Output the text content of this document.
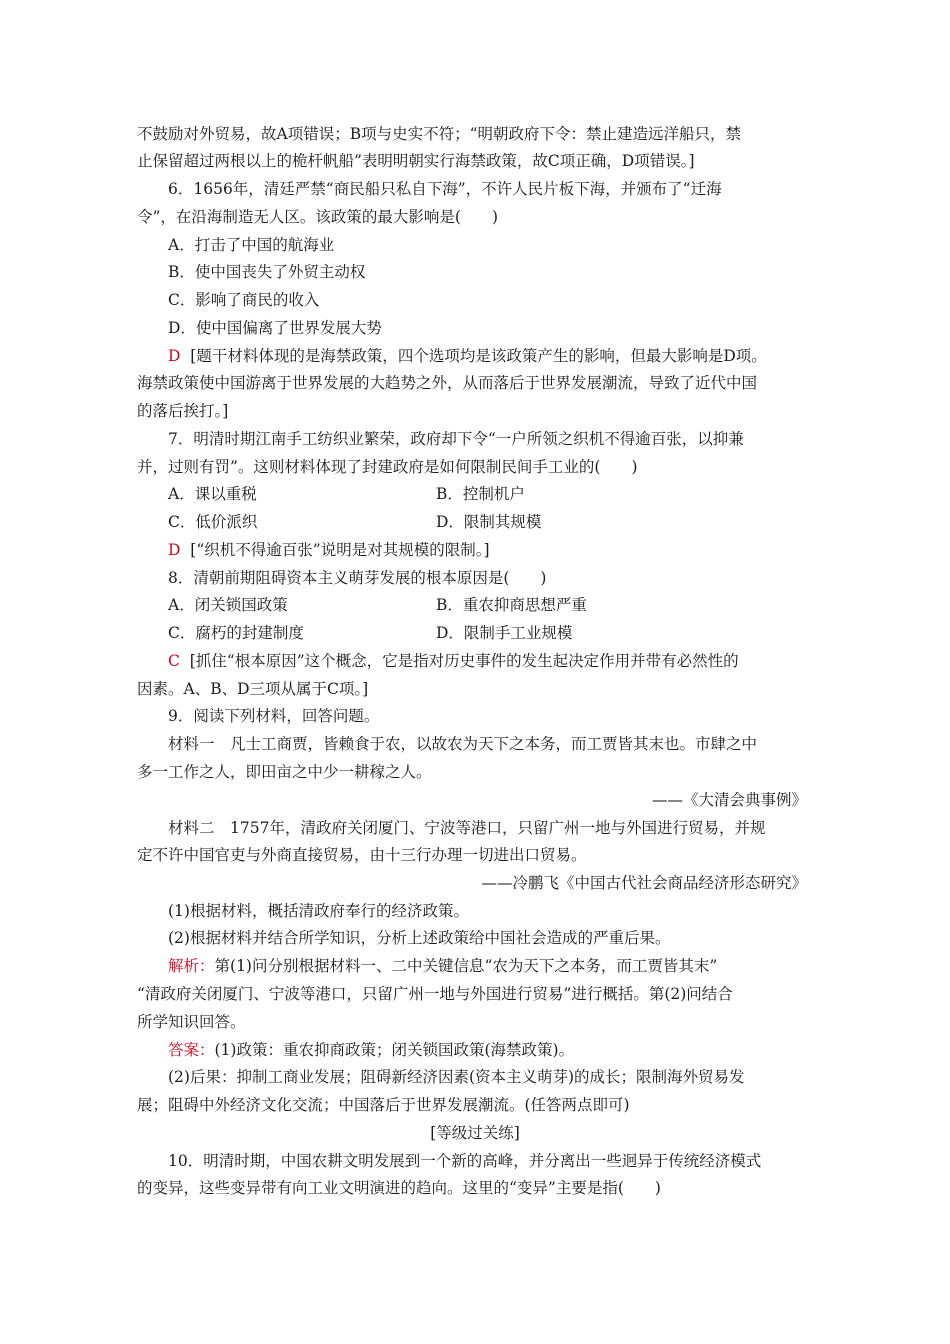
不鼓励对外贸易，故A项错误；B项与史实不符；“明朝政府下令：禁止建造远洋船只，禁
止保留超过两根以上的桅杆帆船”表明明朝实行海禁政策，故C项正确，D项错误。]
6．1656年，清廷严禁“商民船只私自下海”，不许人民片板下海，并颁布了“迁海
令”，在沿海制造无人区。该政策的最大影响是(　　)
A．打击了中国的航海业
B．使中国丧失了外贸主动权
C．影响了商民的收入
D．使中国偏离了世界发展大势
D [题干材料体现的是海禁政策，四个选项均是该政策产生的影响，但最大影响是D项。
海禁政策使中国游离于世界发展的大趋势之外，从而落后于世界发展潮流，导致了近代中国
的落后挨打。]
7．明清时期江南手工纺织业繁荣，政府却下令“一户所领之织机不得逾百张，以抑兼
并，过则有罚”。这则材料体现了封建政府是如何限制民间手工业的(　　)
A．课以重税	B．控制机户
C．低价派织	D．限制其规模
D [“织机不得逾百张”说明是对其规模的限制。]
8．清朝前期阻碍资本主义萌芽发展的根本原因是(　　)
A．闭关锁国政策	B．重农抑商思想严重
C．腐朽的封建制度	D．限制手工业规模
C [抓住“根本原因”这个概念，它是指对历史事件的发生起决定作用并带有必然性的
因素。A、B、D三项从属于C项。]
9．阅读下列材料，回答问题。
材料一　凡士工商贾，皆赖食于农，以故农为天下之本务，而工贾皆其末也。市肆之中
多一工作之人，即田亩之中少一耕稼之人。
——《大清会典事例》
材料二　1757年，清政府关闭厦门、宁波等港口，只留广州一地与外国进行贸易，并规
定不许中国官吏与外商直接贸易，由十三行办理一切进出口贸易。
——冷鹏飞《中国古代社会商品经济形态研究》
(1)根据材料，概括清政府奉行的经济政策。
(2)根据材料并结合所学知识，分析上述政策给中国社会造成的严重后果。
解析：第(1)问分别根据材料一、二中关键信息“农为天下之本务，而工贾皆其末”
“清政府关闭厦门、宁波等港口，只留广州一地与外国进行贸易”进行概括。第(2)问结合
所学知识回答。
答案：(1)政策：重农抑商政策；闭关锁国政策(海禁政策)。
(2)后果：抑制工商业发展；阻碍新经济因素(资本主义萌芽)的成长；限制海外贸易发
展；阻碍中外经济文化交流；中国落后于世界发展潮流。(任答两点即可)
[等级过关练]
10．明清时期，中国农耕文明发展到一个新的高峰，并分离出一些迥异于传统经济模式
的变异，这些变异带有向工业文明演进的趋向。这里的“变异”主要是指(　　)
